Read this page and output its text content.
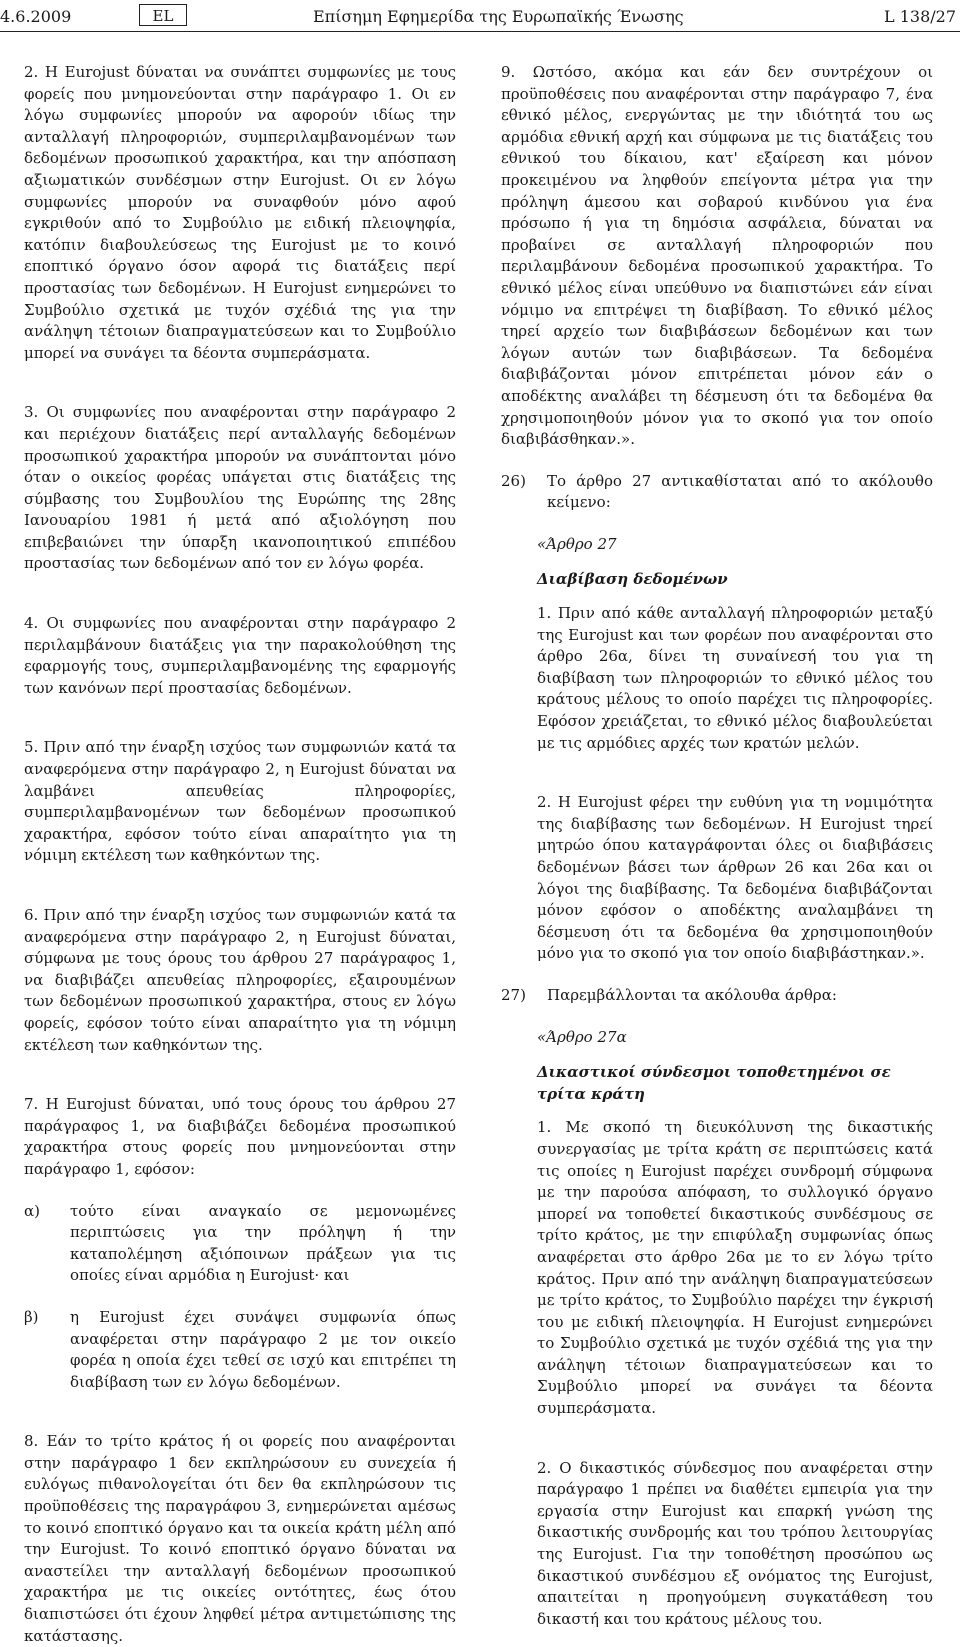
4.6.2009	EL	Επίσημη Εφημερίδα της Ευρωπαϊκής Ένωσης	L 138/27

2. Η Eurojust δύναται να συνάπτει συμφωνίες με τους φορείς που μνημονεύονται στην παράγραφο 1. Οι εν λόγω συμφωνίες μπορούν να αφορούν ιδίως την ανταλλαγή πληροφοριών, συμπεριλαμβανομένων των δεδομένων προσωπικού χαρακτήρα, και την απόσπαση αξιωματικών συνδέσμων στην Eurojust. Οι εν λόγω συμφωνίες μπορούν να συναφθούν μόνο αφού εγκριθούν από το Συμβούλιο με ειδική πλειοψηφία, κατόπιν διαβουλεύσεως της Eurojust με το κοινό εποπτικό όργανο όσον αφορά τις διατάξεις περί προστασίας των δεδομένων. Η Eurojust ενημερώνει το Συμβούλιο σχετικά με τυχόν σχέδιά της για την ανάληψη τέτοιων διαπραγματεύσεων και το Συμβούλιο μπορεί να συνάγει τα δέοντα συμπεράσματα.

3. Οι συμφωνίες που αναφέρονται στην παράγραφο 2 και περιέχουν διατάξεις περί ανταλλαγής δεδομένων προσωπικού χαρακτήρα μπορούν να συνάπτονται μόνο όταν ο οικείος φορέας υπάγεται στις διατάξεις της σύμβασης του Συμβουλίου της Ευρώπης της 28ης Ιανουαρίου 1981 ή μετά από αξιολόγηση που επιβεβαιώνει την ύπαρξη ικανοποιητικού επιπέδου προστασίας των δεδομένων από τον εν λόγω φορέα.

4. Οι συμφωνίες που αναφέρονται στην παράγραφο 2 περιλαμβάνουν διατάξεις για την παρακολούθηση της εφαρμογής τους, συμπεριλαμβανομένης της εφαρμογής των κανόνων περί προστασίας δεδομένων.

5. Πριν από την έναρξη ισχύος των συμφωνιών κατά τα αναφερόμενα στην παράγραφο 2, η Eurojust δύναται να λαμβάνει απευθείας πληροφορίες, συμπεριλαμβανομένων των δεδομένων προσωπικού χαρακτήρα, εφόσον τούτο είναι απαραίτητο για τη νόμιμη εκτέλεση των καθηκόντων της.

6. Πριν από την έναρξη ισχύος των συμφωνιών κατά τα αναφερόμενα στην παράγραφο 2, η Eurojust δύναται, σύμφωνα με τους όρους του άρθρου 27 παράγραφος 1, να διαβιβάζει απευθείας πληροφορίες, εξαιρουμένων των δεδομένων προσωπικού χαρακτήρα, στους εν λόγω φορείς, εφόσον τούτο είναι απαραίτητο για τη νόμιμη εκτέλεση των καθηκόντων της.

7. Η Eurojust δύναται, υπό τους όρους του άρθρου 27 παράγραφος 1, να διαβιβάζει δεδομένα προσωπικού χαρακτήρα στους φορείς που μνημονεύονται στην παράγραφο 1, εφόσον:

α)	τούτο είναι αναγκαίο σε μεμονωμένες περιπτώσεις για την πρόληψη ή την καταπολέμηση αξιόποινων πράξεων για τις οποίες είναι αρμόδια η Eurojust· και
β)	η Eurojust έχει συνάψει συμφωνία όπως αναφέρεται στην παράγραφο 2 με τον οικείο φορέα η οποία έχει τεθεί σε ισχύ και επιτρέπει τη διαβίβαση των εν λόγω δεδομένων.

8. Εάν το τρίτο κράτος ή οι φορείς που αναφέρονται στην παράγραφο 1 δεν εκπληρώσουν ευ συνεχεία ή ευλόγως πιθανολογείται ότι δεν θα εκπληρώσουν τις προϋποθέσεις της παραγράφου 3, ενημερώνεται αμέσως το κοινό εποπτικό όργανο και τα οικεία κράτη μέλη από την Eurojust. Το κοινό εποπτικό όργανο δύναται να αναστείλει την ανταλλαγή δεδομένων προσωπικού χαρακτήρα με τις οικείες οντότητες, έως ότου διαπιστώσει ότι έχουν ληφθεί μέτρα αντιμετώπισης της κατάστασης.

9. Ωστόσο, ακόμα και εάν δεν συντρέχουν οι προϋποθέσεις που αναφέρονται στην παράγραφο 7, ένα εθνικό μέλος, ενεργώντας με την ιδιότητά του ως αρμόδια εθνική αρχή και σύμφωνα με τις διατάξεις του εθνικού του δίκαιου, κατ' εξαίρεση και μόνον προκειμένου να ληφθούν επείγοντα μέτρα για την πρόληψη άμεσου και σοβαρού κινδύνου για ένα πρόσωπο ή για τη δημόσια ασφάλεια, δύναται να προβαίνει σε ανταλλαγή πληροφοριών που περιλαμβάνουν δεδομένα προσωπικού χαρακτήρα. Το εθνικό μέλος είναι υπεύθυνο να διαπιστώνει εάν είναι νόμιμο να επιτρέψει τη διαβίβαση. Το εθνικό μέλος τηρεί αρχείο των διαβιβάσεων δεδομένων και των λόγων αυτών των διαβιβάσεων. Τα δεδομένα διαβιβάζονται μόνον επιτρέπεται μόνον εάν ο αποδέκτης αναλάβει τη δέσμευση ότι τα δεδομένα θα χρησιμοποιηθούν μόνον για το σκοπό για τον οποίο διαβιβάσθηκαν.».

26)	Το άρθρο 27 αντικαθίσταται από το ακόλουθο κείμενο:
«Άρθρο 27
Διαβίβαση δεδομένων

1. Πριν από κάθε ανταλλαγή πληροφοριών μεταξύ της Eurojust και των φορέων που αναφέρονται στο άρθρο 26α, δίνει τη συναίνεσή του για τη διαβίβαση των πληροφοριών το εθνικό μέλος του κράτους μέλους το οποίο παρέχει τις πληροφορίες. Εφόσον χρειάζεται, το εθνικό μέλος διαβουλεύεται με τις αρμόδιες αρχές των κρατών μελών.

2. Η Eurojust φέρει την ευθύνη για τη νομιμότητα της διαβίβασης των δεδομένων. Η Eurojust τηρεί μητρώο όπου καταγράφονται όλες οι διαβιβάσεις δεδομένων βάσει των άρθρων 26 και 26α και οι λόγοι της διαβίβασης. Τα δεδομένα διαβιβάζονται μόνον εφόσον ο αποδέκτης αναλαμβάνει τη δέσμευση ότι τα δεδομένα θα χρησιμοποιηθούν μόνο για το σκοπό για τον οποίο διαβιβάστηκαν.».

27)	Παρεμβάλλονται τα ακόλουθα άρθρα:
«Άρθρο 27α
Δικαστικοί σύνδεσμοι τοποθετημένοι σε τρίτα κράτη

1. Με σκοπό τη διευκόλυνση της δικαστικής συνεργασίας με τρίτα κράτη σε περιπτώσεις κατά τις οποίες η Eurojust παρέχει συνδρομή σύμφωνα με την παρούσα απόφαση, το συλλογικό όργανο μπορεί να τοποθετεί δικαστικούς συνδέσμους σε τρίτο κράτος, με την επιφύλαξη συμφωνίας όπως αναφέρεται στο άρθρο 26α με το εν λόγω τρίτο κράτος. Πριν από την ανάληψη διαπραγματεύσεων με τρίτο κράτος, το Συμβούλιο παρέχει την έγκρισή του με ειδική πλειοψηφία. Η Eurojust ενημερώνει το Συμβούλιο σχετικά με τυχόν σχέδιά της για την ανάληψη τέτοιων διαπραγματεύσεων και το Συμβούλιο μπορεί να συνάγει τα δέοντα συμπεράσματα.

2. Ο δικαστικός σύνδεσμος που αναφέρεται στην παράγραφο 1 πρέπει να διαθέτει εμπειρία για την εργασία στην Eurojust και επαρκή γνώση της δικαστικής συνδρομής και του τρόπου λειτουργίας της Eurojust. Για την τοποθέτηση προσώπου ως δικαστικού συνδέσμου εξ ονόματος της Eurojust, απαιτείται η προηγούμενη συγκατάθεση του δικαστή και του κράτους μέλους του.
